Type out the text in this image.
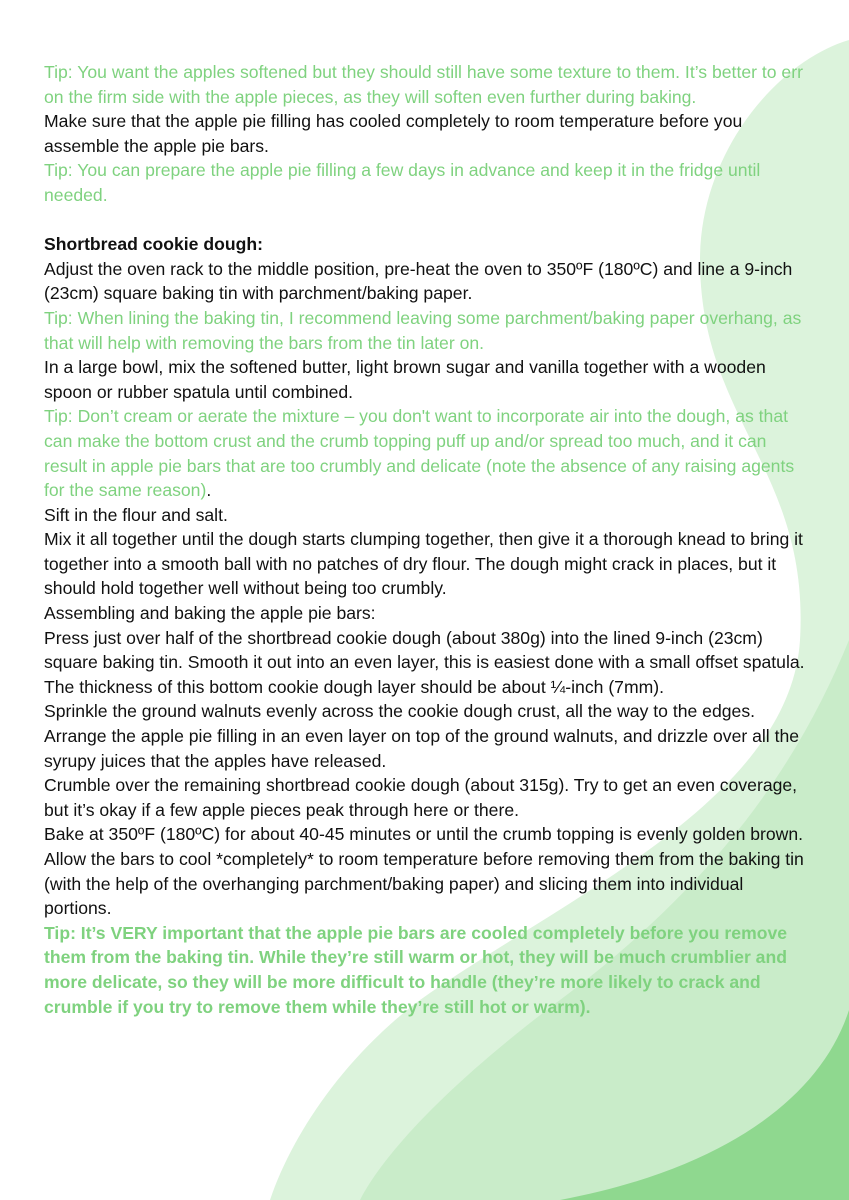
Tip: You want the apples softened but they should still have some texture to them. It’s better to err on the firm side with the apple pieces, as they will soften even further during baking.

Make sure that the apple pie filling has cooled completely to room temperature before you assemble the apple pie bars.

Tip: You can prepare the apple pie filling a few days in advance and keep it in the fridge until needed.

Shortbread cookie dough:

Adjust the oven rack to the middle position, pre-heat the oven to 350ºF (180ºC) and line a 9-inch (23cm) square baking tin with parchment/baking paper.

Tip: When lining the baking tin, I recommend leaving some parchment/baking paper overhang, as that will help with removing the bars from the tin later on.

In a large bowl, mix the softened butter, light brown sugar and vanilla together with a wooden spoon or rubber spatula until combined.

Tip: Don’t cream or aerate the mixture – you don't want to incorporate air into the dough, as that can make the bottom crust and the crumb topping puff up and/or spread too much, and it can result in apple pie bars that are too crumbly and delicate (note the absence of any raising agents for the same reason).

Sift in the flour and salt.

Mix it all together until the dough starts clumping together, then give it a thorough knead to bring it together into a smooth ball with no patches of dry flour. The dough might crack in places, but it should hold together well without being too crumbly.

Assembling and baking the apple pie bars:

Press just over half of the shortbread cookie dough (about 380g) into the lined 9-inch (23cm) square baking tin. Smooth it out into an even layer, this is easiest done with a small offset spatula. The thickness of this bottom cookie dough layer should be about ¼-inch (7mm).

Sprinkle the ground walnuts evenly across the cookie dough crust, all the way to the edges.

Arrange the apple pie filling in an even layer on top of the ground walnuts, and drizzle over all the syrupy juices that the apples have released.

Crumble over the remaining shortbread cookie dough (about 315g). Try to get an even coverage, but it’s okay if a few apple pieces peak through here or there.

Bake at 350ºF (180ºC) for about 40-45 minutes or until the crumb topping is evenly golden brown.

Allow the bars to cool *completely* to room temperature before removing them from the baking tin (with the help of the overhanging parchment/baking paper) and slicing them into individual portions.

Tip: It’s VERY important that the apple pie bars are cooled completely before you remove them from the baking tin. While they’re still warm or hot, they will be much crumblier and more delicate, so they will be more difficult to handle (they’re more likely to crack and crumble if you try to remove them while they’re still hot or warm).
